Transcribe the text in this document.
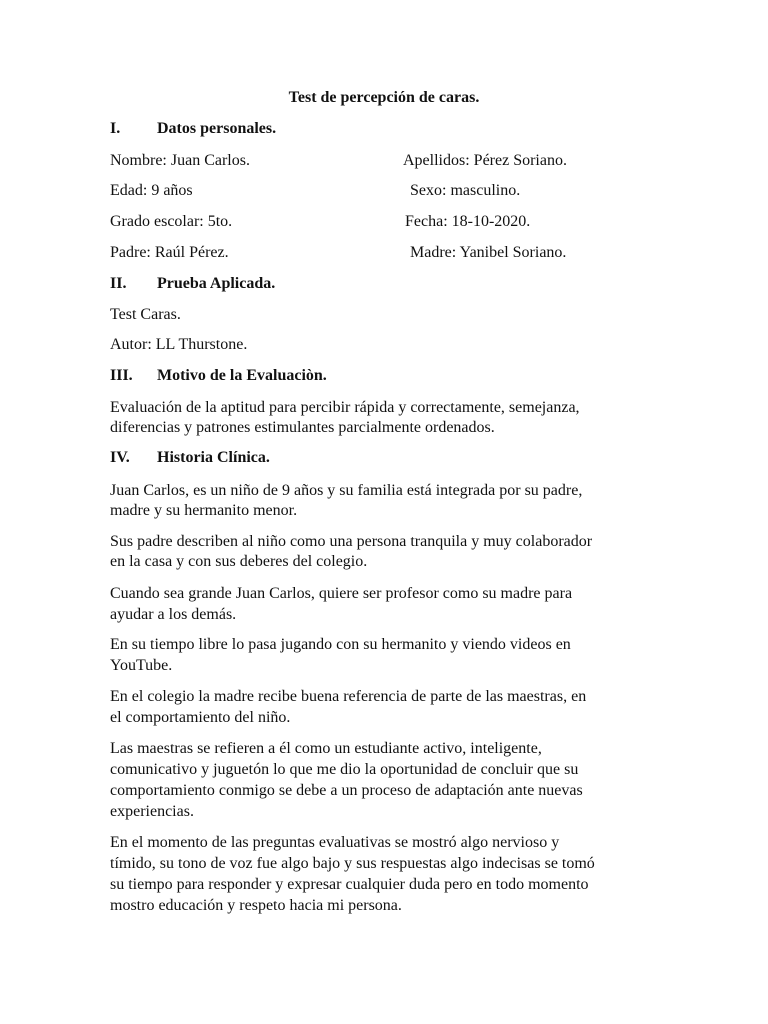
Test de percepción de caras.
I. Datos personales.
Nombre: Juan Carlos.	Apellidos: Pérez Soriano.
Edad: 9 años	Sexo: masculino.
Grado escolar: 5to.	Fecha: 18-10-2020.
Padre: Raúl Pérez.	Madre: Yanibel Soriano.
II. Prueba Aplicada.
Test Caras.
Autor: LL Thurstone.
III. Motivo de la Evaluaciòn.
Evaluación de la aptitud para percibir rápida y correctamente, semejanza,
diferencias y patrones estimulantes parcialmente ordenados.
IV. Historia Clínica.
Juan Carlos, es un niño de 9 años y su familia está integrada por su padre,
madre y su hermanito menor.
Sus padre describen al niño como una persona tranquila y muy colaborador
en la casa y con sus deberes del colegio.
Cuando sea grande Juan Carlos, quiere ser profesor como su madre para
ayudar a los demás.
En su tiempo libre lo pasa jugando con su hermanito y viendo videos en
YouTube.
En el colegio la madre recibe buena referencia de parte de las maestras, en
el comportamiento del niño.
Las maestras se refieren a él como un estudiante activo, inteligente,
comunicativo y juguetón lo que me dio la oportunidad de concluir que su
comportamiento conmigo se debe a un proceso de adaptación ante nuevas
experiencias.
En el momento de las preguntas evaluativas se mostró algo nervioso y
tímido, su tono de voz fue algo bajo y sus respuestas algo indecisas se tomó
su tiempo para responder y expresar cualquier duda pero en todo momento
mostro educación y respeto hacia mi persona.
